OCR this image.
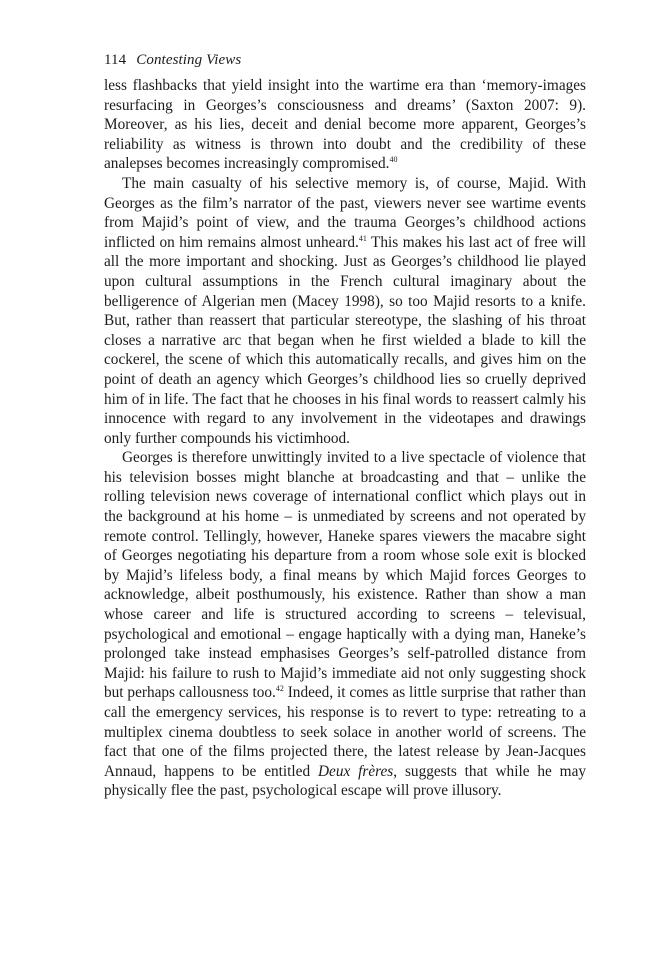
114 Contesting Views

less flashbacks that yield insight into the wartime era than ‘memory-images resurfacing in Georges’s consciousness and dreams’ (Saxton 2007: 9). Moreover, as his lies, deceit and denial become more apparent, Georges’s reliability as witness is thrown into doubt and the credibility of these analepses becomes increasingly compromised.$^{40}$

The main casualty of his selective memory is, of course, Majid. With Georges as the film’s narrator of the past, viewers never see wartime events from Majid’s point of view, and the trauma Georges’s childhood actions inflicted on him remains almost unheard.$^{41}$ This makes his last act of free will all the more important and shocking. Just as Georges’s childhood lie played upon cultural assumptions in the French cultural imaginary about the belligerence of Algerian men (Macey 1998), so too Majid resorts to a knife. But, rather than reassert that particular stereotype, the slashing of his throat closes a narrative arc that began when he first wielded a blade to kill the cockerel, the scene of which this automatically recalls, and gives him on the point of death an agency which Georges’s childhood lies so cruelly deprived him of in life. The fact that he chooses in his final words to reassert calmly his innocence with regard to any involvement in the videotapes and drawings only further compounds his victimhood.

Georges is therefore unwittingly invited to a live spectacle of violence that his television bosses might blanche at broadcasting and that – unlike the rolling television news coverage of international conflict which plays out in the background at his home – is unmediated by screens and not operated by remote control. Tellingly, however, Haneke spares viewers the macabre sight of Georges negotiating his departure from a room whose sole exit is blocked by Majid’s lifeless body, a final means by which Majid forces Georges to acknowledge, albeit posthumously, his existence. Rather than show a man whose career and life is structured according to screens – televisual, psychological and emotional – engage haptically with a dying man, Haneke’s prolonged take instead emphasises Georges’s self-patrolled distance from Majid: his failure to rush to Majid’s immediate aid not only suggesting shock but perhaps callousness too.$^{42}$ Indeed, it comes as little surprise that rather than call the emergency services, his response is to revert to type: retreating to a multiplex cinema doubtless to seek solace in another world of screens. The fact that one of the films projected there, the latest release by Jean-Jacques Annaud, happens to be entitled Deux frères, suggests that while he may physically flee the past, psychological escape will prove illusory.
